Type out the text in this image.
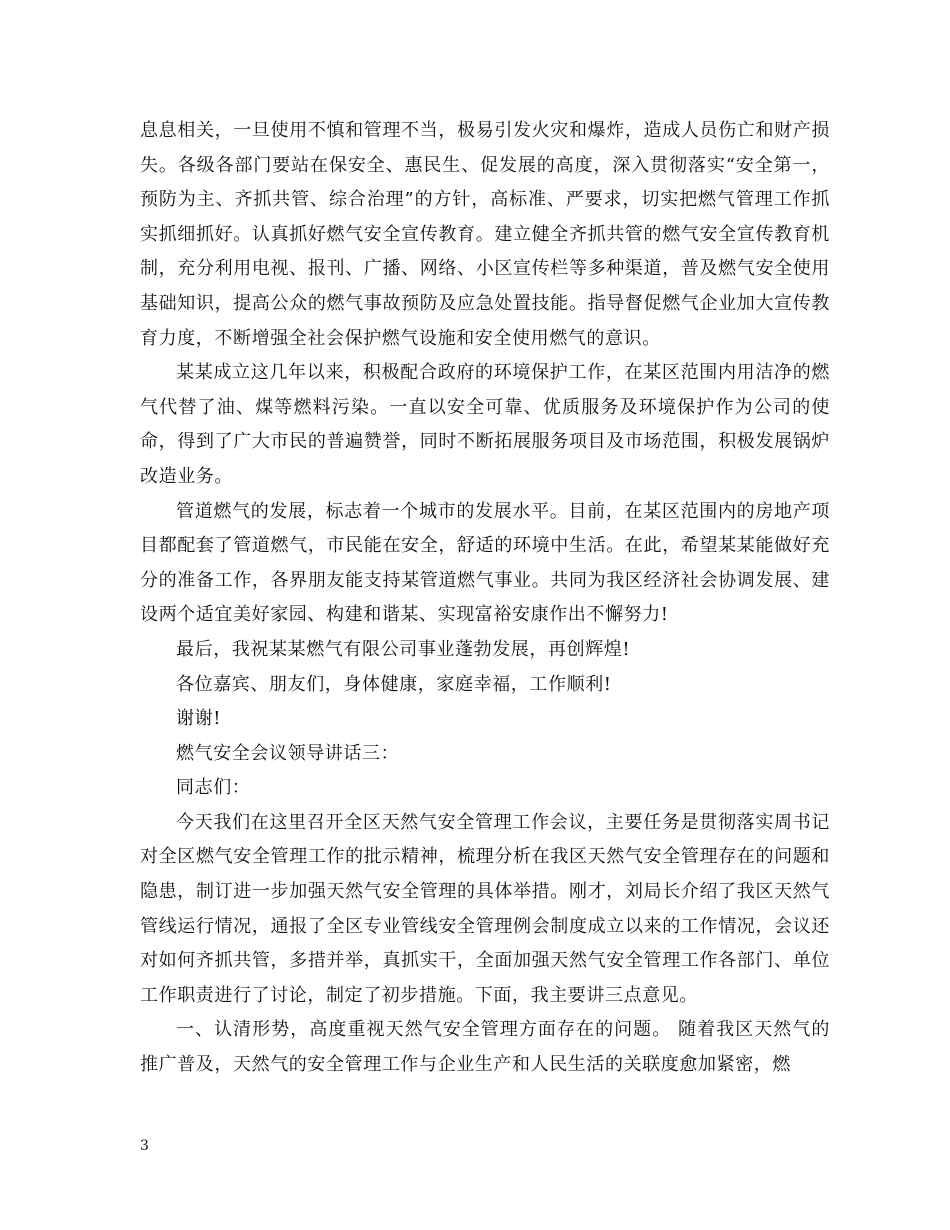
息息相关，一旦使用不慎和管理不当，极易引发火灾和爆炸，造成人员伤亡和财产损失。各级各部门要站在保安全、惠民生、促发展的高度，深入贯彻落实“安全第一，预防为主、齐抓共管、综合治理”的方针，高标准、严要求，切实把燃气管理工作抓实抓细抓好。认真抓好燃气安全宣传教育。建立健全齐抓共管的燃气安全宣传教育机制，充分利用电视、报刊、广播、网络、小区宣传栏等多种渠道，普及燃气安全使用基础知识，提高公众的燃气事故预防及应急处置技能。指导督促燃气企业加大宣传教育力度，不断增强全社会保护燃气设施和安全使用燃气的意识。

某某成立这几年以来，积极配合政府的环境保护工作，在某区范围内用洁净的燃气代替了油、煤等燃料污染。一直以安全可靠、优质服务及环境保护作为公司的使命，得到了广大市民的普遍赞誉，同时不断拓展服务项目及市场范围，积极发展锅炉改造业务。

管道燃气的发展，标志着一个城市的发展水平。目前，在某区范围内的房地产项目都配套了管道燃气，市民能在安全，舒适的环境中生活。在此，希望某某能做好充分的准备工作，各界朋友能支持某管道燃气事业。共同为我区经济社会协调发展、建设两个适宜美好家园、构建和谐某、实现富裕安康作出不懈努力!

最后，我祝某某燃气有限公司事业蓬勃发展，再创辉煌!

各位嘉宾、朋友们，身体健康，家庭幸福，工作顺利!

谢谢!

燃气安全会议领导讲话三：

同志们：

今天我们在这里召开全区天然气安全管理工作会议，主要任务是贯彻落实周书记对全区燃气安全管理工作的批示精神，梳理分析在我区天然气安全管理存在的问题和隐患，制订进一步加强天然气安全管理的具体举措。刚才，刘局长介绍了我区天然气管线运行情况，通报了全区专业管线安全管理例会制度成立以来的工作情况，会议还对如何齐抓共管，多措并举，真抓实干，全面加强天然气安全管理工作各部门、单位工作职责进行了讨论，制定了初步措施。下面，我主要讲三点意见。

一、认清形势，高度重视天然气安全管理方面存在的问题。 随着我区天然气的推广普及，天然气的安全管理工作与企业生产和人民生活的关联度愈加紧密，燃

3
